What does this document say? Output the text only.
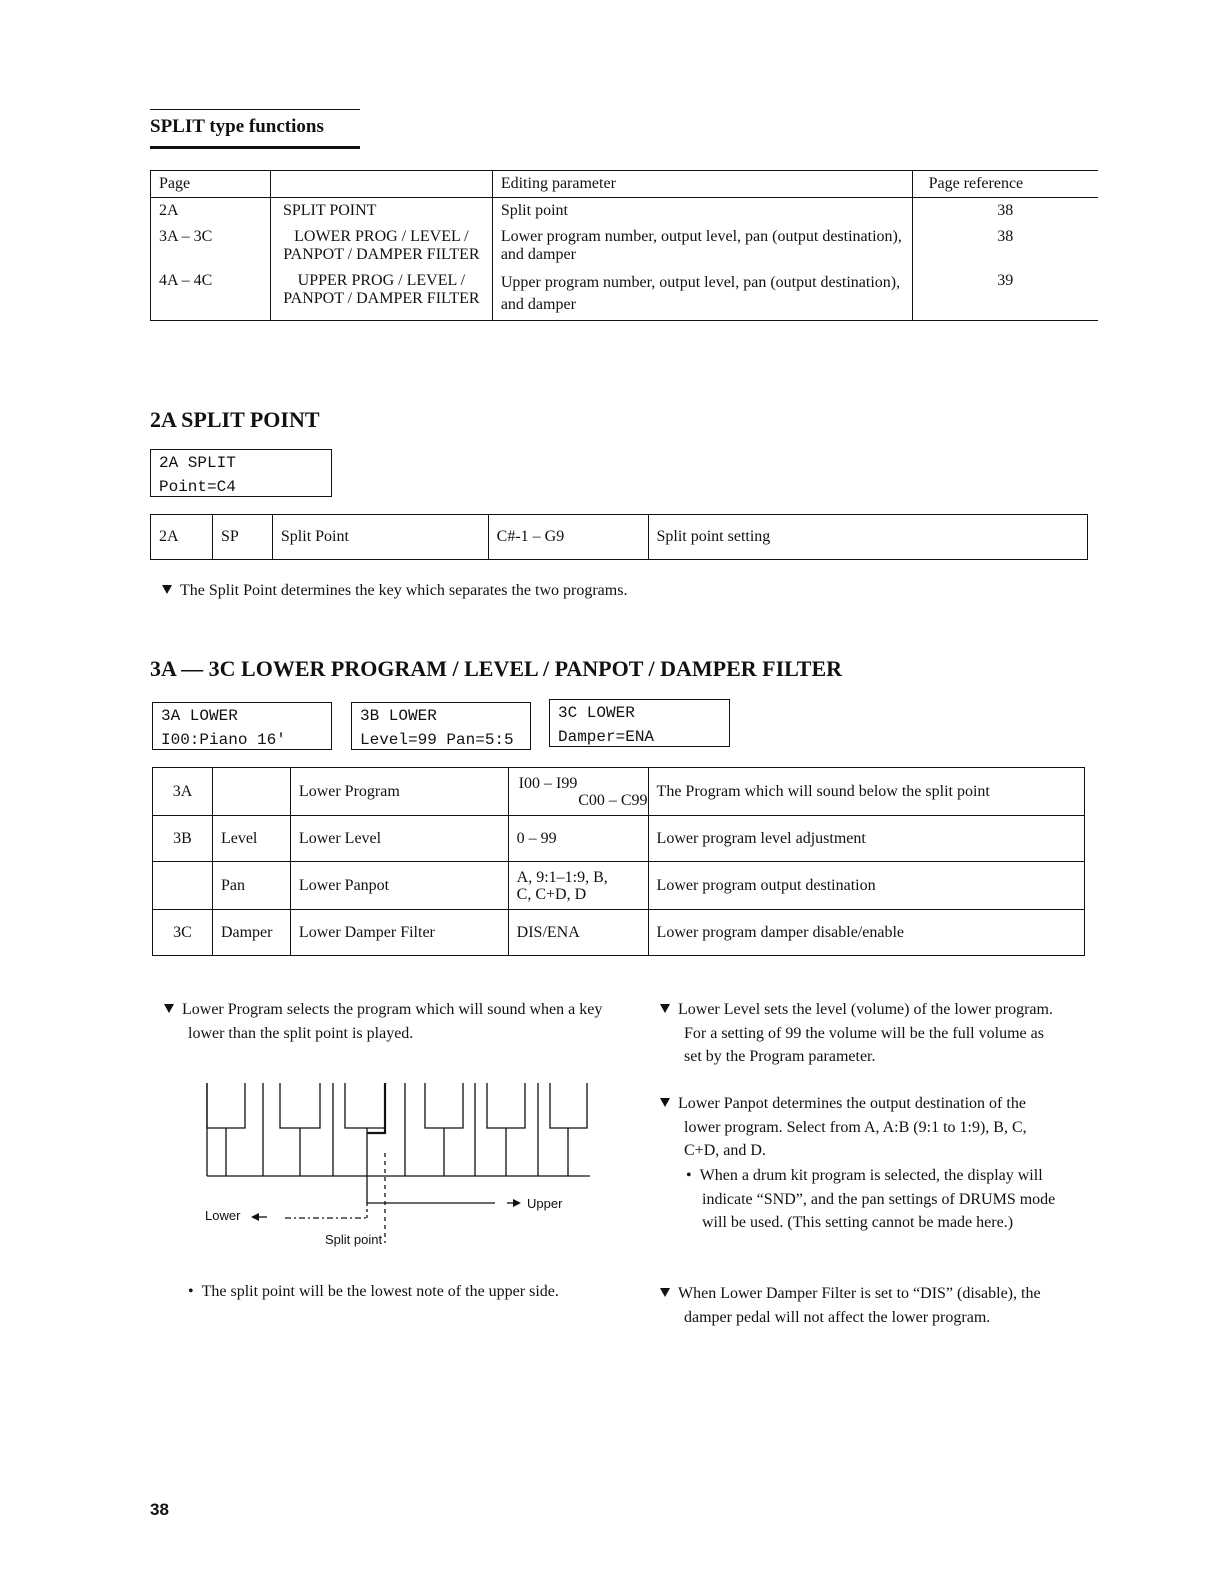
SPLIT type functions
Page		Editing parameter	Page reference
2A	SPLIT POINT	Split point	38
3A – 3C	LOWER PROG / LEVEL / PANPOT / DAMPER FILTER	Lower program number, output level, pan (output destination), and damper	38
4A – 4C	UPPER PROG / LEVEL / PANPOT / DAMPER FILTER	Upper program number, output level, pan (output destination), and damper	39
2A SPLIT POINT
2A SPLIT
Point=C4
2A	SP	Split Point	C#-1 – G9	Split point setting
The Split Point determines the key which separates the two programs.
3A — 3C LOWER PROGRAM / LEVEL / PANPOT / DAMPER FILTER
3A LOWER
I00:Piano 16'
3B LOWER
Level=99 Pan=5:5
3C LOWER
Damper=ENA
3A		Lower Program	I00 – I99
C00 – C99	The Program which will sound below the split point
3B	Level	Lower Level	0 – 99	Lower program level adjustment
	Pan	Lower Panpot	A, 9:1–1:9, B,
C, C+D, D	Lower program output destination
3C	Damper	Lower Damper Filter	DIS/ENA	Lower program damper disable/enable
Lower Program selects the program which will sound when a key lower than the split point is played.
Lower
Upper
Split point
•  The split point will be the lowest note of the upper side.
Lower Level sets the level (volume) of the lower program. For a setting of 99 the volume will be the full volume as set by the Program parameter.
Lower Panpot determines the output destination of the lower program. Select from A, A:B (9:1 to 1:9), B, C, C+D, and D.
•  When a drum kit program is selected, the display will indicate “SND”, and the pan settings of DRUMS mode will be used. (This setting cannot be made here.)
When Lower Damper Filter is set to “DIS” (disable), the damper pedal will not affect the lower program.
38
